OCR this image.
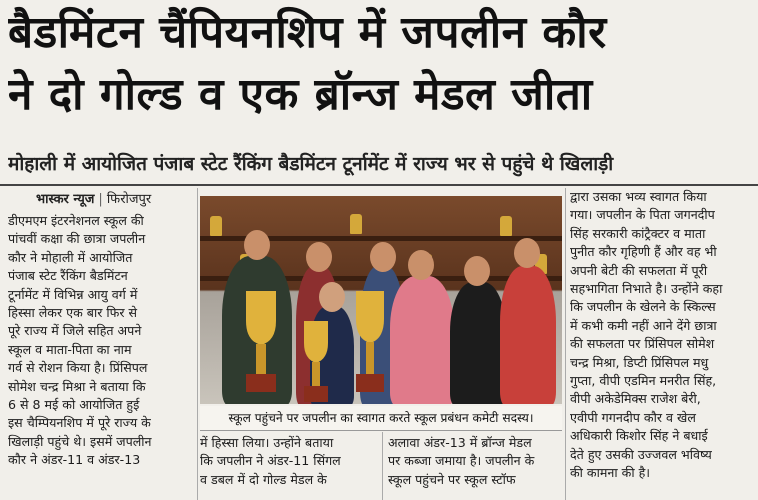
बैडमिंटन चैंपियनशिप में जपलीन कौर
ने दो गोल्ड व एक ब्रॉन्ज मेडल जीता
मोहाली में आयोजित पंजाब स्टेट रैंकिंग बैडमिंटन टूर्नामेंट में राज्य भर से पहुंचे थे खिलाड़ी
भास्कर न्यूज | फिरोजपुर
डीएमएम इंटरनेशनल स्कूल की
पांचवीं कक्षा की छात्रा जपलीन
कौर ने मोहाली में आयोजित
पंजाब स्टेट रैंकिंग बैडमिंटन
टूर्नामेंट में विभिन्न आयु वर्ग में
हिस्सा लेकर एक बार फिर से
पूरे राज्य में जिले सहित अपने
स्कूल व माता-पिता का नाम
गर्व से रोशन किया है। प्रिंसिपल
सोमेश चन्द्र मिश्रा ने बताया कि
6 से 8 मई को आयोजित हुई
इस चैम्पियनशिप में पूरे राज्य के
खिलाड़ी पहुंचे थे। इसमें जपलीन
कौर ने अंडर-11 व अंडर-13
स्कूल पहुंचने पर जपलीन का स्वागत करते स्कूल प्रबंधन कमेटी सदस्य।
में हिस्सा लिया। उन्होंने बताया
कि जपलीन ने अंडर-11 सिंगल
व डबल में दो गोल्ड मेडल के
अलावा अंडर-13 में ब्रॉन्ज मेडल
पर कब्जा जमाया है। जपलीन के
स्कूल पहुंचने पर स्कूल स्टॉफ
द्वारा उसका भव्य स्वागत किया
गया। जपलीन के पिता जगनदीप
सिंह सरकारी कांट्रैक्टर व माता
पुनीत कौर गृहिणी हैं और वह भी
अपनी बेटी की सफलता में पूरी
सहभागिता निभाते है। उन्होंने कहा
कि जपलीन के खेलने के स्किल्स
में कभी कमी नहीं आने देंगे छात्रा
की सफलता पर प्रिंसिपल सोमेश
चन्द्र मिश्रा, डिप्टी प्रिंसिपल मधु
गुप्ता, वीपी एडमिन मनरीत सिंह,
वीपी अकेडेमिक्स राजेश बेरी,
एवीपी गगनदीप कौर व खेल
अधिकारी किशोर सिंह ने बधाई
देते हुए उसकी उज्जवल भविष्य
की कामना की है।
